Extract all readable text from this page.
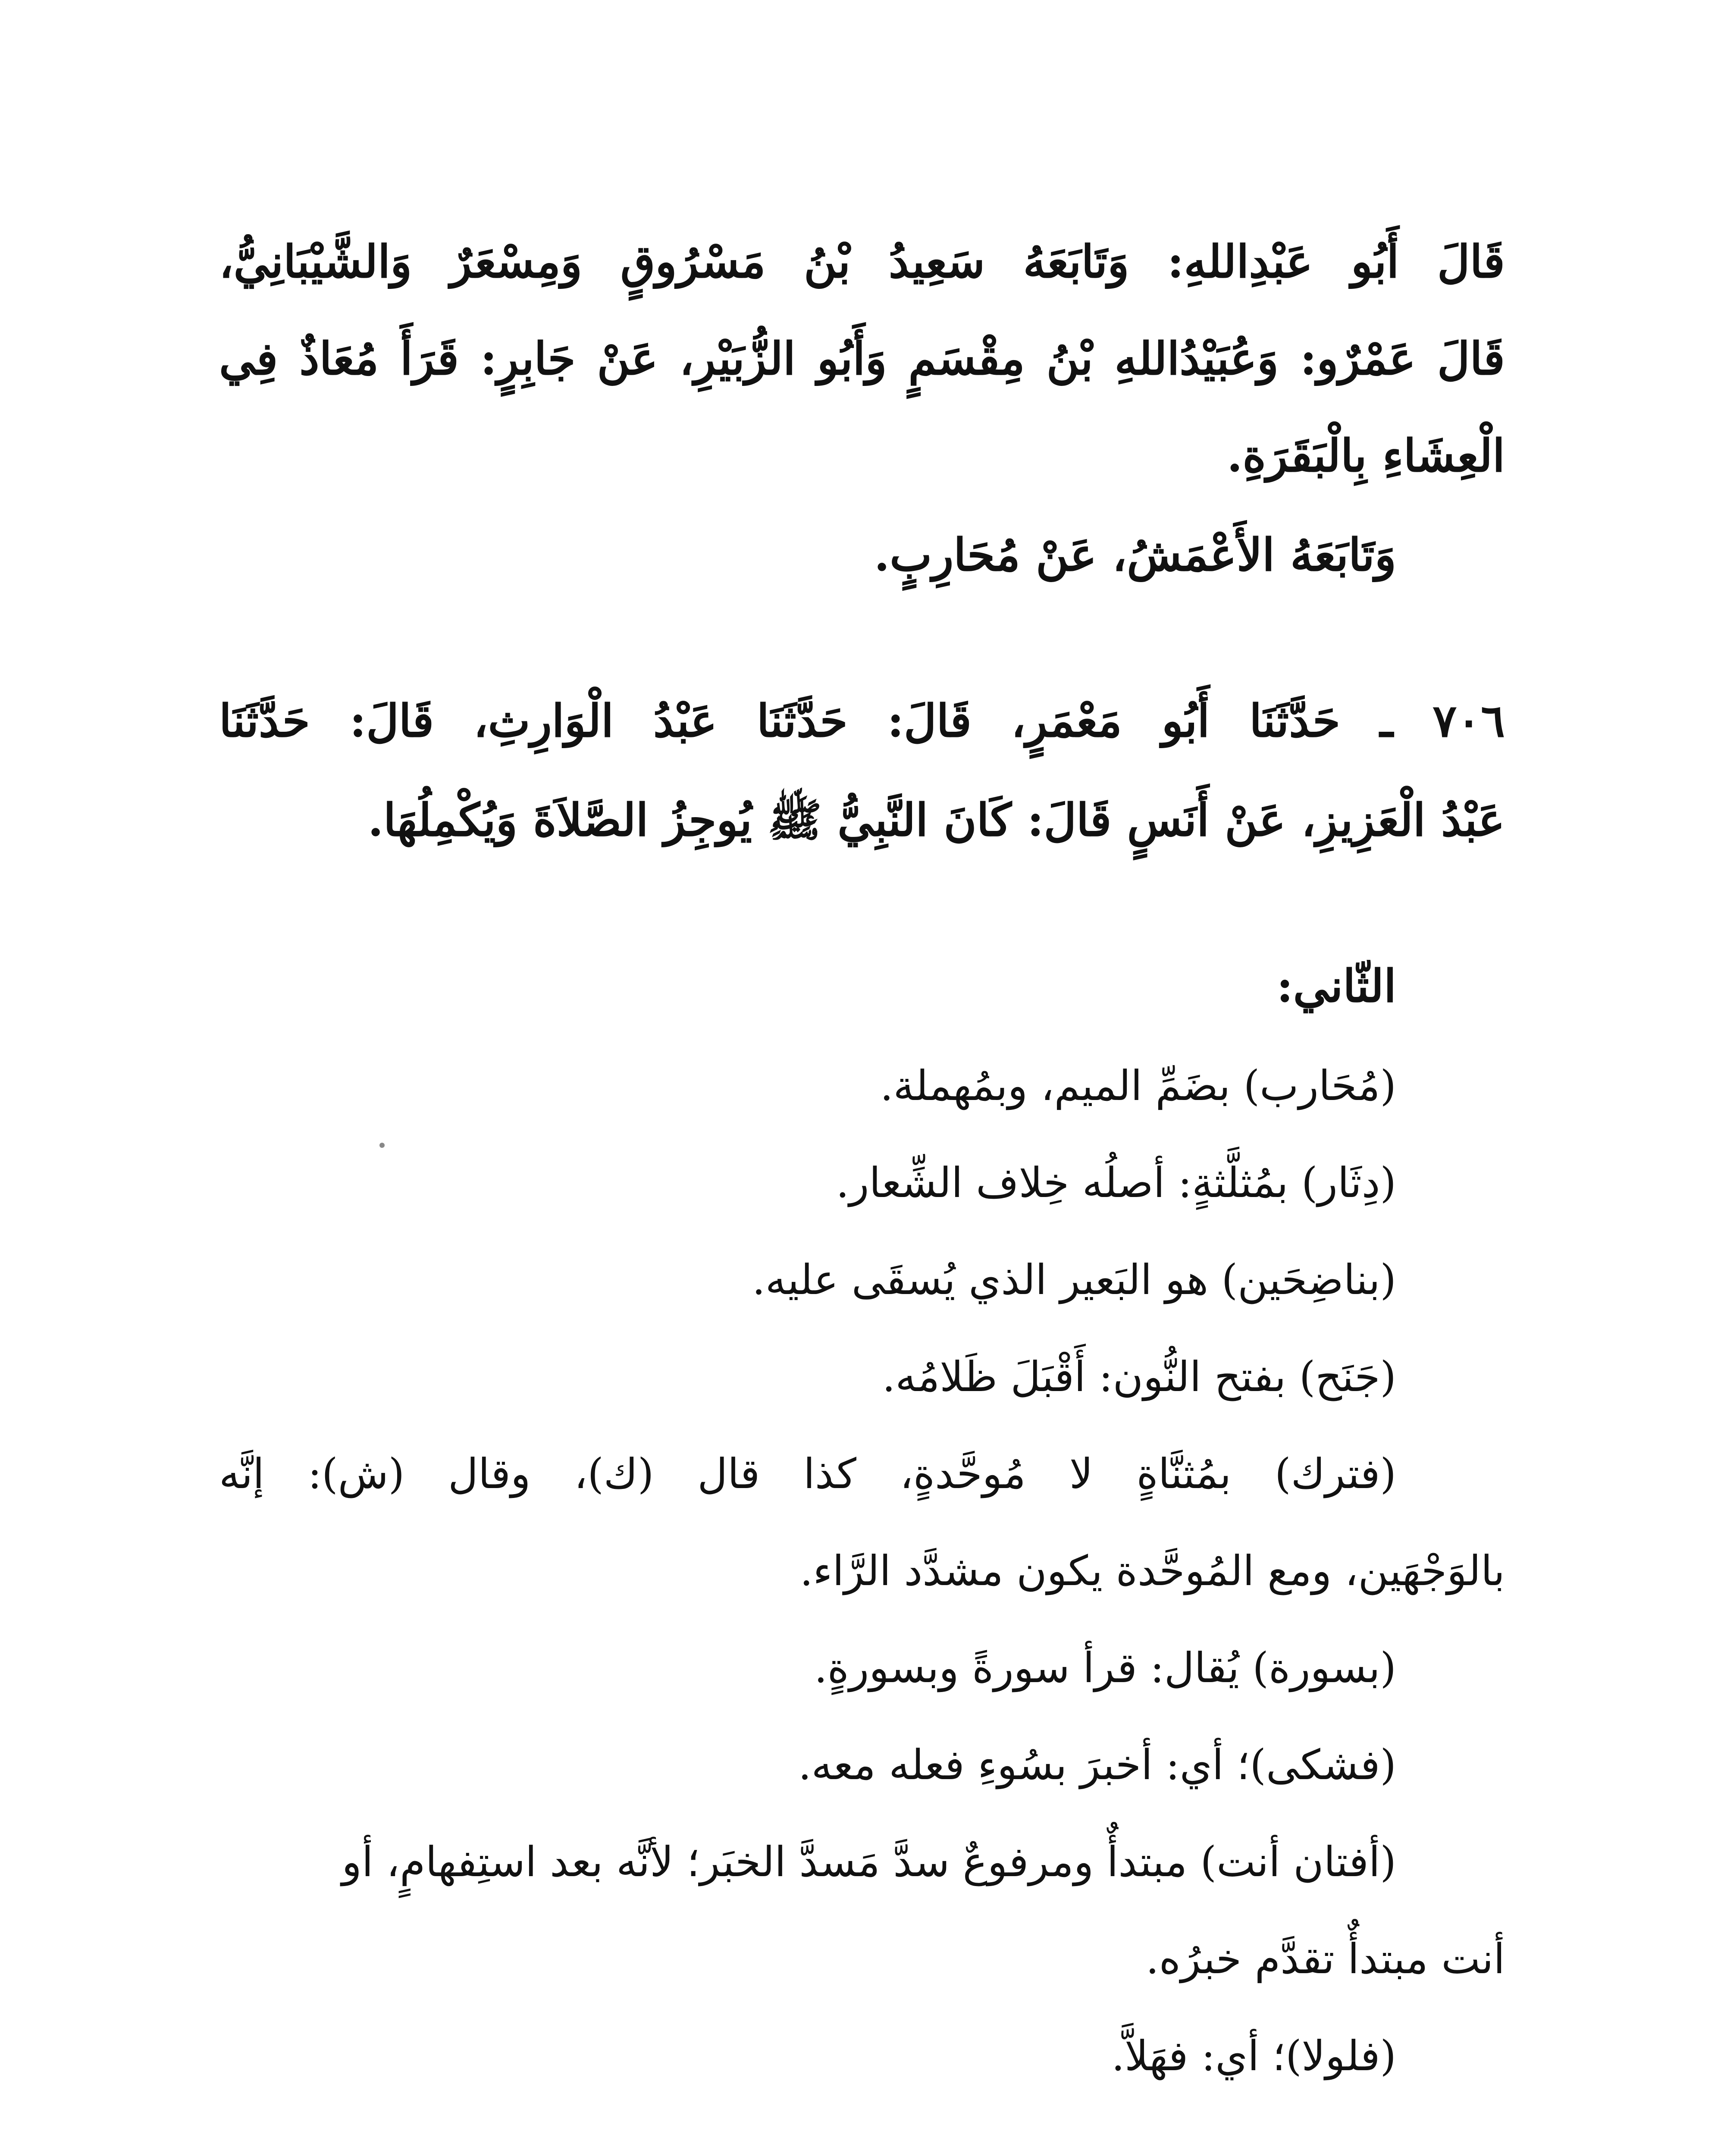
قَالَ أَبُو عَبْدِاللهِ: وَتَابَعَهُ سَعِيدُ بْنُ مَسْرُوقٍ وَمِسْعَرٌ وَالشَّيْبَانِيُّ،
قَالَ عَمْرٌو: وَعُبَيْدُاللهِ بْنُ مِقْسَمٍ وَأَبُو الزُّبَيْرِ، عَنْ جَابِرٍ: قَرَأَ مُعَاذٌ فِي
الْعِشَاءِ بِالْبَقَرَةِ.
وَتَابَعَهُ الأَعْمَشُ، عَنْ مُحَارِبٍ.
٧٠٦ ـ حَدَّثَنَا أَبُو مَعْمَرٍ، قَالَ: حَدَّثَنَا عَبْدُ الْوَارِثِ، قَالَ: حَدَّثَنَا
عَبْدُ الْعَزِيزِ، عَنْ أَنَسٍ قَالَ: كَانَ النَّبِيُّ ﷺ يُوجِزُ الصَّلاَةَ وَيُكْمِلُهَا.
الثّاني:
(مُحَارب) بضَمِّ الميم، وبمُهملة.
(دِثَار) بمُثلَّثةٍ: أصلُه خِلاف الشِّعار.
(بناضِحَين) هو البَعير الذي يُسقَى عليه.
(جَنَح) بفتح النُّون: أَقْبَلَ ظَلامُه.
(فترك) بمُثنَّاةٍ لا مُوحَّدةٍ، كذا قال (ك)، وقال (ش): إنَّه
بالوَجْهَين، ومع المُوحَّدة يكون مشدَّد الرَّاء.
(بسورة) يُقال: قرأ سورةً وبسورةٍ.
(فشكى)؛ أي: أخبرَ بسُوءِ فعله معه.
(أفتان أنت) مبتدأٌ ومرفوعٌ سدَّ مَسدَّ الخبَر؛ لأنَّه بعد استِفهامٍ، أو
أنت مبتدأٌ تقدَّم خبرُه.
(فلولا)؛ أي: فهَلاَّ.
